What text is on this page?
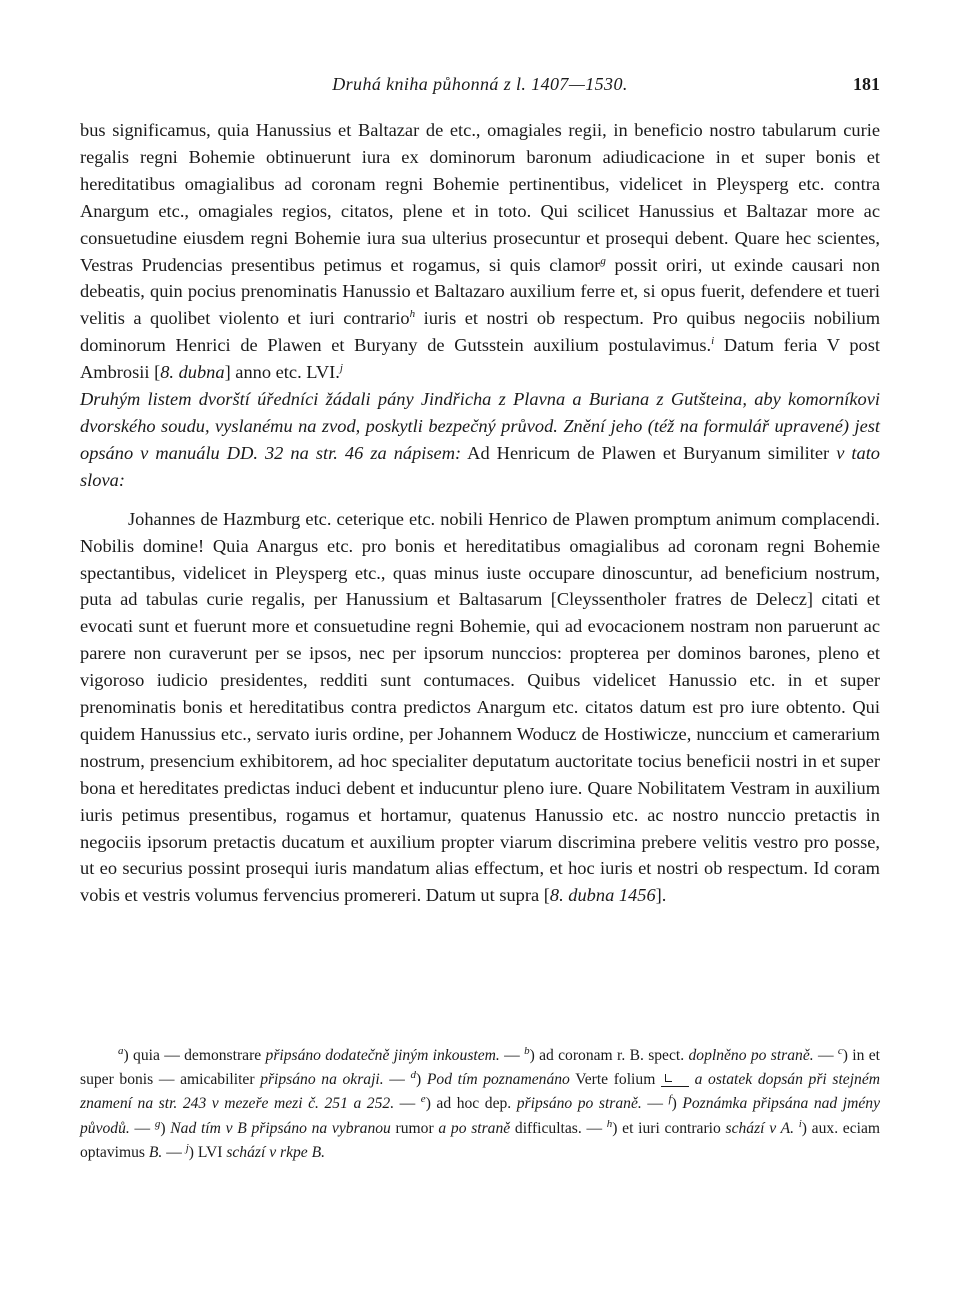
Druhá kniha půhonná z l. 1407—1530.	181

bus significamus, quia Hanussius et Baltazar de etc., omagiales regii, in beneficio nostro tabularum curie regalis regni Bohemie obtinuerunt iura ex dominorum baronum adiudicacione in et super bonis et hereditatibus omagialibus ad coronam regni Bohemie pertinentibus, videlicet in Pleysperg etc. contra Anargum etc., omagiales regios, citatos, plene et in toto. Qui scilicet Hanussius et Baltazar more ac consuetudine eiusdem regni Bohemie iura sua ulterius prosecuntur et prosequi debent. Quare hec scientes, Vestras Prudencias presentibus petimus et rogamus, si quis clamor$^g$ possit oriri, ut exinde causari non debeatis, quin pocius prenominatis Hanussio et Baltazaro auxilium ferre et, si opus fuerit, defendere et tueri velitis a quolibet violento et iuri contrario$^h$ iuris et nostri ob respectum. Pro quibus negociis nobilium dominorum Henrici de Plawen et Buryany de Gutsstein auxilium postulavimus.$^i$ Datum feria V post Ambrosii [8. dubna] anno etc. LVI.$^j$

Druhým listem dvorští úředníci žádali pány Jindřicha z Plavna a Buriana z Gutšteina, aby komorníkovi dvorského soudu, vyslanému na zvod, poskytli bezpečný průvod. Znění jeho (též na formulář upravené) jest opsáno v manuálu DD. 32 na str. 46 za nápisem: Ad Henricum de Plawen et Buryanum similiter v tato slova:

Johannes de Hazmburg etc. ceterique etc. nobili Henrico de Plawen promptum animum complacendi. Nobilis domine! Quia Anargus etc. pro bonis et hereditatibus omagialibus ad coronam regni Bohemie spectantibus, videlicet in Pleysperg etc., quas minus iuste occupare dinoscuntur, ad beneficium nostrum, puta ad tabulas curie regalis, per Hanussium et Baltasarum [Cleyssentholer fratres de Delecz] citati et evocati sunt et fuerunt more et consuetudine regni Bohemie, qui ad evocacionem nostram non paruerunt ac parere non curaverunt per se ipsos, nec per ipsorum nunccios: propterea per dominos barones, pleno et vigoroso iudicio presidentes, redditi sunt contumaces. Quibus videlicet Hanussio etc. in et super prenominatis bonis et hereditatibus contra predictos Anargum etc. citatos datum est pro iure obtento. Qui quidem Hanussius etc., servato iuris ordine, per Johannem Woducz de Hostiwicze, nunccium et camerarium nostrum, presencium exhibitorem, ad hoc specialiter deputatum auctoritate tocius beneficii nostri in et super bona et hereditates predictas induci debent et inducuntur pleno iure. Quare Nobilitatem Vestram in auxilium iuris petimus presentibus, rogamus et hortamur, quatenus Hanussio etc. ac nostro nunccio pretactis in negociis ipsorum pretactis ducatum et auxilium propter viarum discrimina prebere velitis vestro pro posse, ut eo securius possint prosequi iuris mandatum alias effectum, et hoc iuris et nostri ob respectum. Id coram vobis et vestris volumus fervencius promereri. Datum ut supra [8. dubna 1456].

$^a$) quia — demonstrare připsáno dodatečně jiným inkoustem. — $^b$) ad coronam r. B. spect. doplněno po straně. — $^c$) in et super bonis — amicabiliter připsáno na okraji. — $^d$) Pod tím poznamenáno Verte folium  a ostatek dopsán při stejném znamení na str. 243 v mezeře mezi č. 251 a 252. — $^e$) ad hoc dep. připsáno po straně. — $^f$) Poznámka připsána nad jmény původů. — $^g$) Nad tím v B připsáno na vybranou rumor a po straně difficultas. — $^h$) et iuri contrario schází v A. $^i$) aux. eciam optavimus B. — $^j$) LVI schází v rkpe B.
